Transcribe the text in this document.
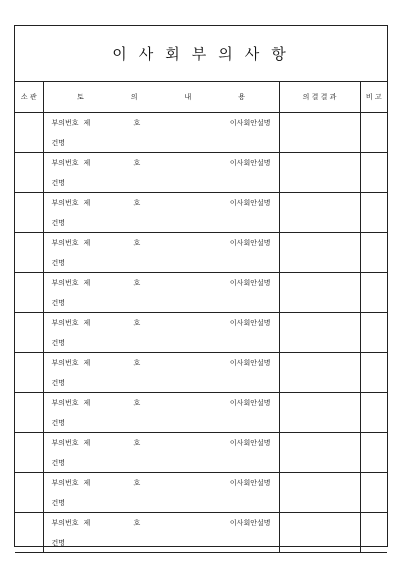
이 사 회 부 의 사 항
소 관	토 의 내 용	의 결 결 과	비 고

	부의번호 제 호 이사회안설명
건명		

	부의번호 제 호 이사회안설명
건명		

	부의번호 제 호 이사회안설명
건명		

	부의번호 제 호 이사회안설명
건명		

	부의번호 제 호 이사회안설명
건명		

	부의번호 제 호 이사회안설명
건명		

	부의번호 제 호 이사회안설명
건명		

	부의번호 제 호 이사회안설명
건명		

	부의번호 제 호 이사회안설명
건명		

	부의번호 제 호 이사회안설명
건명		

	부의번호 제 호 이사회안설명
건명		
